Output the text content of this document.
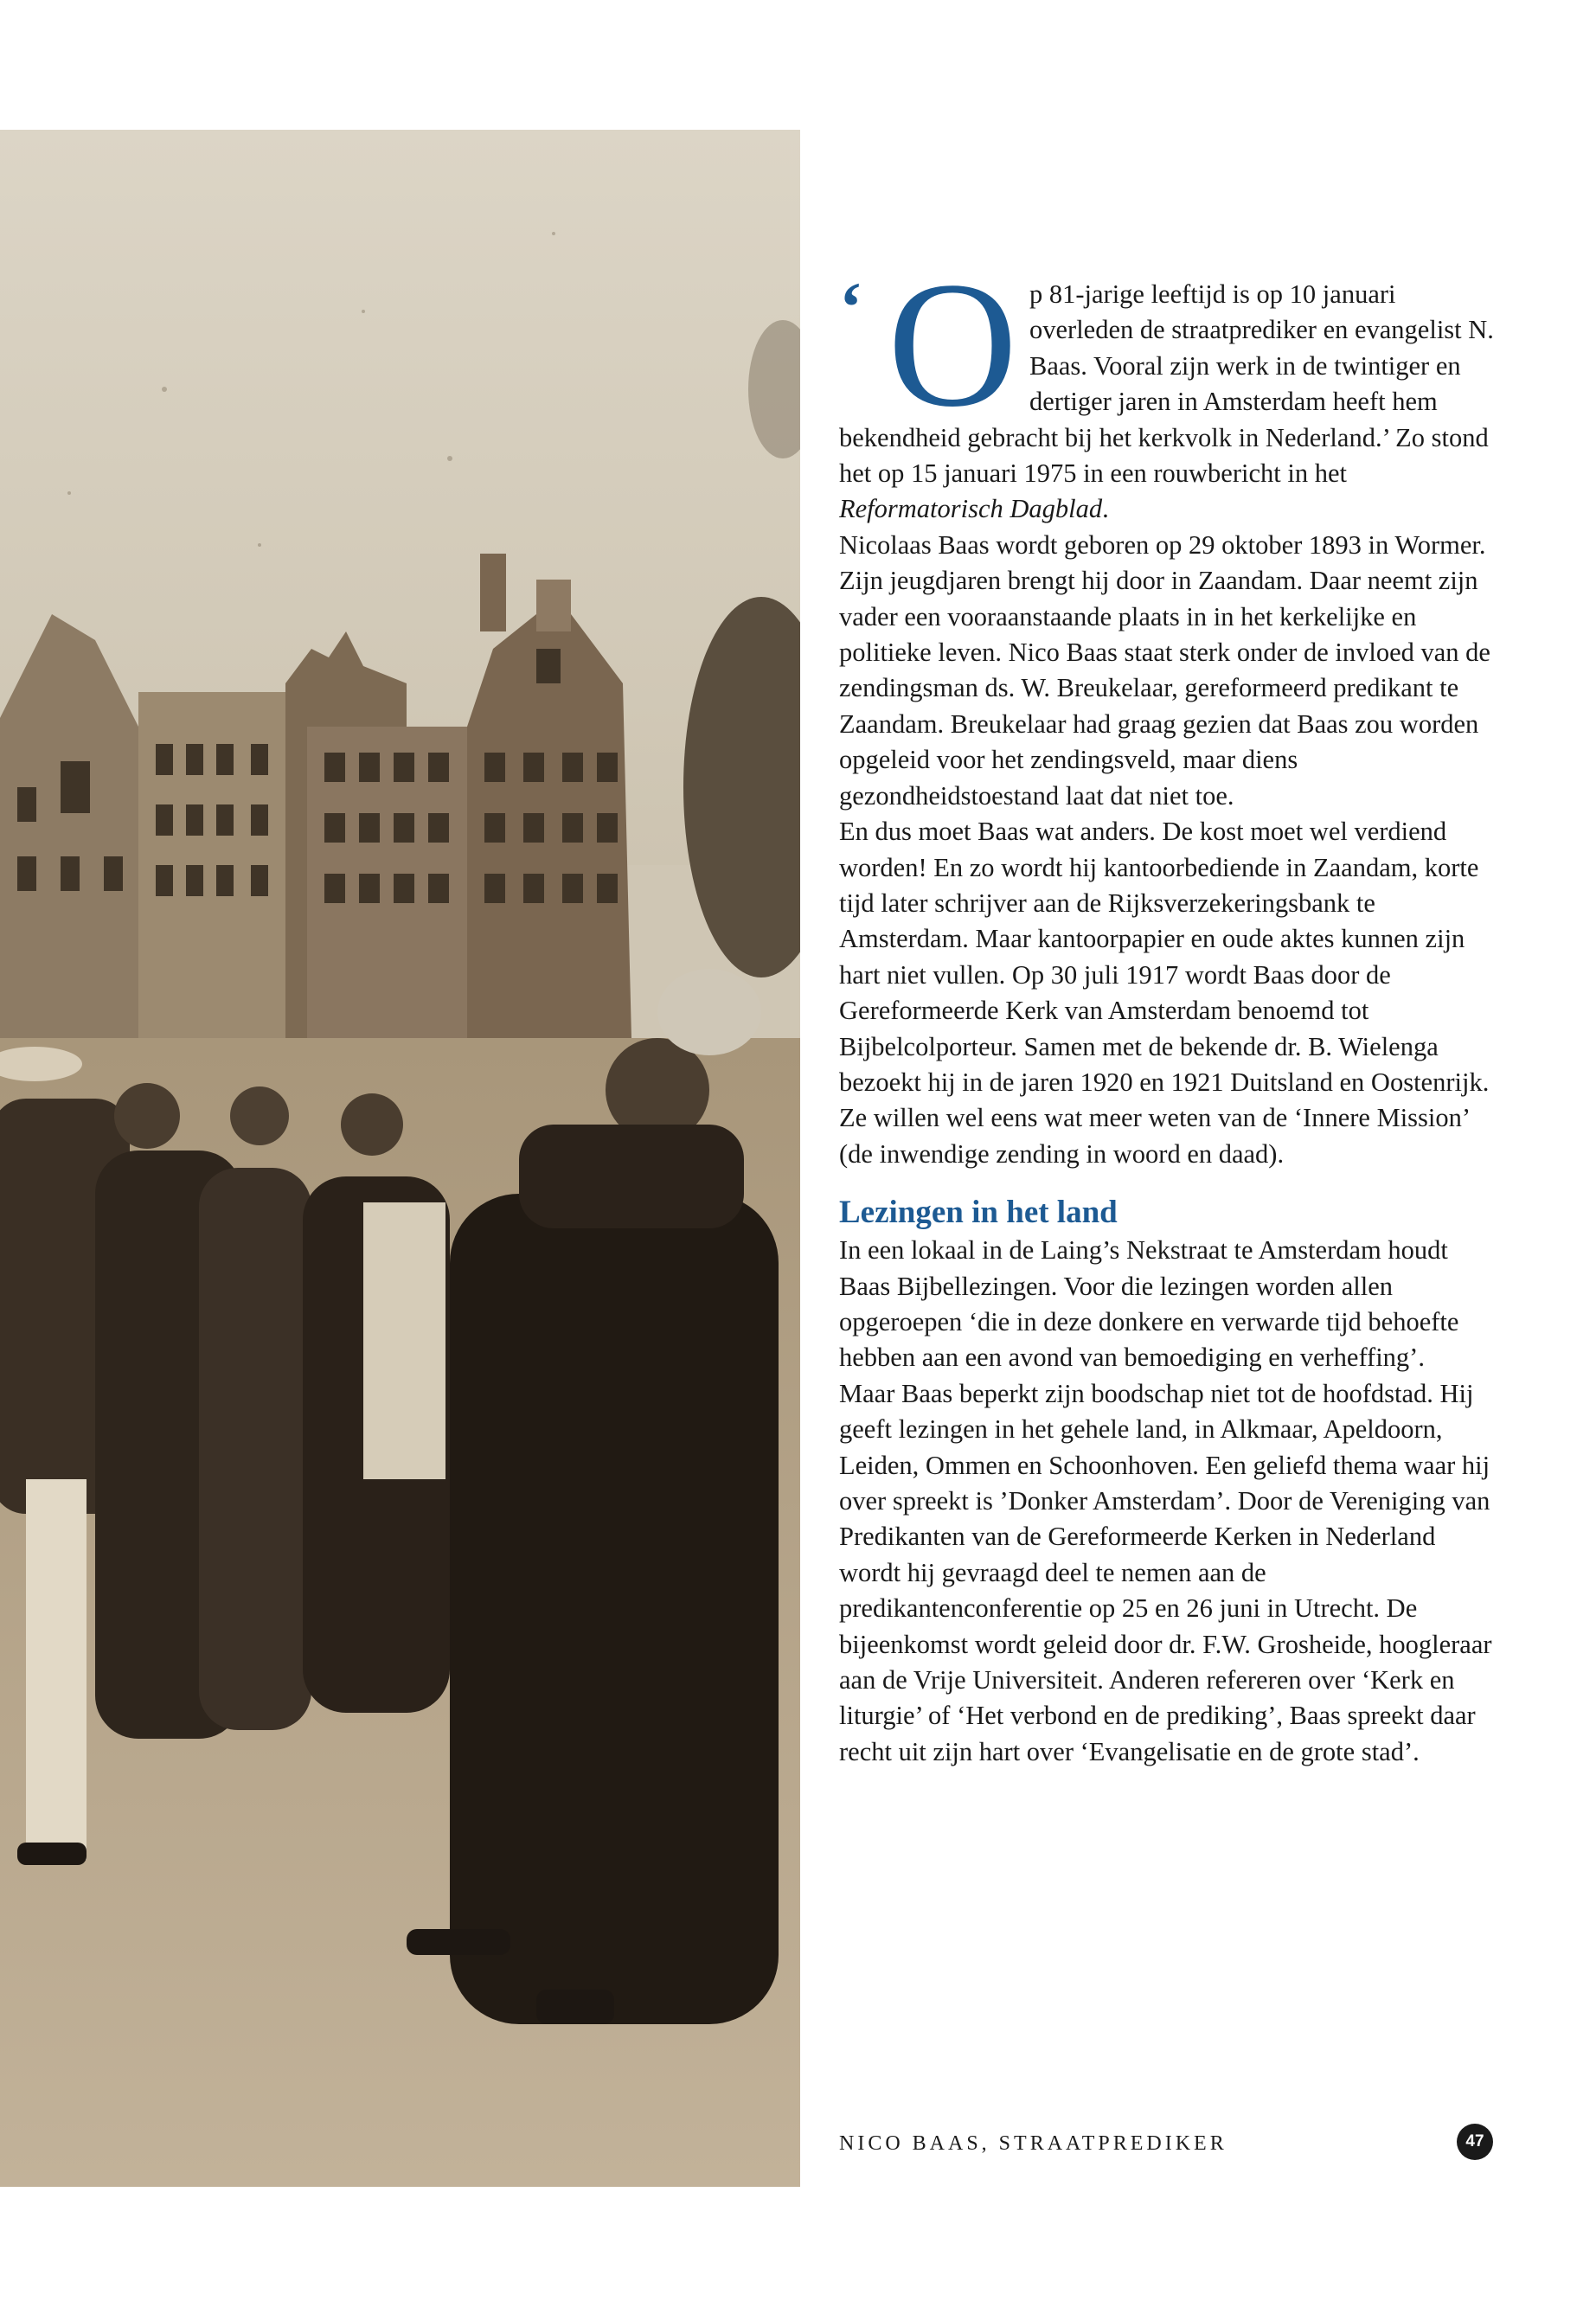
‘ O p 81-jarige leeftijd is op 10 januari overleden de straatprediker en evangelist N. Baas. Vooral zijn werk in de twintiger en dertiger jaren in Amsterdam heeft hem bekendheid gebracht bij het kerkvolk in Nederland.’ Zo stond het op 15 januari 1975 in een rouwbericht in het Reformatorisch Dagblad.

Nicolaas Baas wordt geboren op 29 oktober 1893 in Wormer. Zijn jeugdjaren brengt hij door in Zaandam. Daar neemt zijn vader een vooraanstaande plaats in in het kerkelijke en politieke leven. Nico Baas staat sterk onder de invloed van de zendingsman ds. W. Breukelaar, gereformeerd predikant te Zaandam. Breukelaar had graag gezien dat Baas zou worden opgeleid voor het zendingsveld, maar diens gezondheidstoestand laat dat niet toe.

En dus moet Baas wat anders. De kost moet wel verdiend worden! En zo wordt hij kantoorbediende in Zaandam, korte tijd later schrijver aan de Rijksverzekeringsbank te Amsterdam. Maar kantoorpapier en oude aktes kunnen zijn hart niet vullen. Op 30 juli 1917 wordt Baas door de Gereformeerde Kerk van Amsterdam benoemd tot Bijbelcolporteur. Samen met de bekende dr. B. Wielenga bezoekt hij in de jaren 1920 en 1921 Duitsland en Oostenrijk. Ze willen wel eens wat meer weten van de ‘Innere Mission’ (de inwendige zending in woord en daad).

Lezingen in het land

In een lokaal in de Laing’s Nekstraat te Amsterdam houdt Baas Bijbellezingen. Voor die lezingen worden allen opgeroepen ‘die in deze donkere en verwarde tijd behoefte hebben aan een avond van bemoediging en verheffing’.

Maar Baas beperkt zijn boodschap niet tot de hoofdstad. Hij geeft lezingen in het gehele land, in Alkmaar, Apeldoorn, Leiden, Ommen en Schoonhoven. Een geliefd thema waar hij over spreekt is ’Donker Amsterdam’. Door de Vereniging van Predikanten van de Gereformeerde Kerken in Nederland wordt hij gevraagd deel te nemen aan de predikantenconferentie op 25 en 26 juni in Utrecht. De bijeenkomst wordt geleid door dr. F.W. Grosheide, hoogleraar aan de Vrije Universiteit. Anderen refereren over ‘Kerk en liturgie’ of ‘Het verbond en de prediking’, Baas spreekt daar recht uit zijn hart over ‘Evangelisatie en de grote stad’.

NICO BAAS, STRAATPREDIKER	47
